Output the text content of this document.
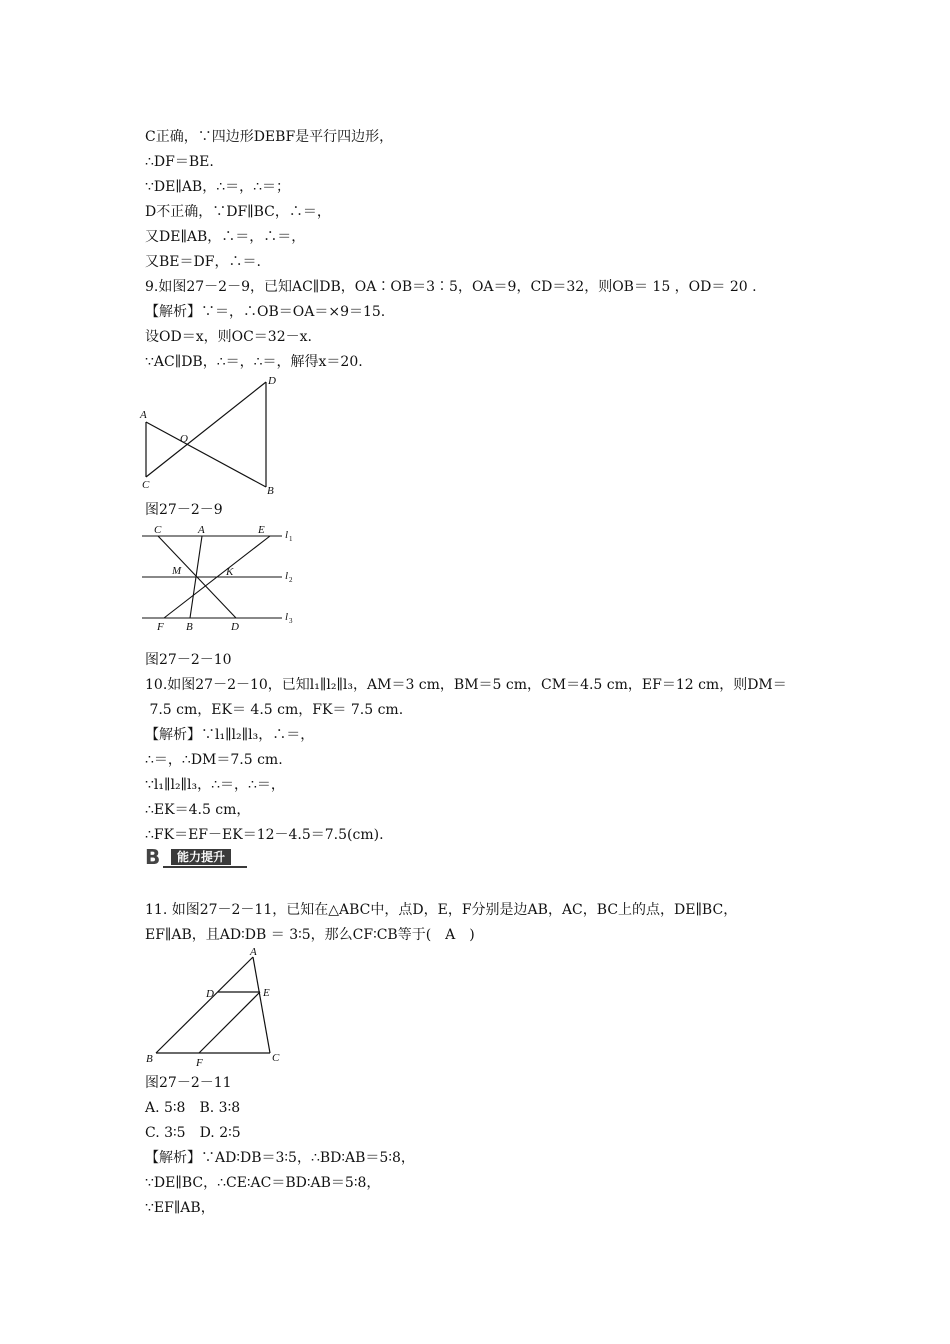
C正确，∵四边形DEBF是平行四边形，
∴DF＝BE.
∵DE∥AB，∴＝，∴＝；
D不正确，∵DF∥BC，∴＝，
又DE∥AB，∴＝，∴＝，
又BE＝DF，∴＝.
9.如图27－2－9，已知AC∥DB，OA∶OB＝3∶5，OA＝9，CD＝32，则OB＝ 15 ，OD＝ 20 .
【解析】∵＝，∴OB＝OA＝×9＝15.
设OD＝x，则OC＝32－x.
∵AC∥DB，∴＝，∴＝，解得x＝20.
A
O
D
C	B
图27－2－9
C	A	E
M	K
F B	D
l 1
l 2
l 3
图27－2－10
10.如图27－2－10，已知l₁∥l₂∥l₃，AM＝3 cm，BM＝5 cm，CM＝4.5 cm，EF＝12 cm，则DM＝
7.5 cm，EK＝ 4.5 cm，FK＝ 7.5 cm.
【解析】∵l₁∥l₂∥l₃，∴＝，
∴＝，∴DM＝7.5 cm.
∵l₁∥l₂∥l₃，∴＝，∴＝，
∴EK＝4.5 cm，
∴FK＝EF－EK＝12－4.5＝7.5(cm).
B	能力提升
11. 如图27－2－11，已知在△ABC中，点D，E，F分别是边AB，AC，BC上的点，DE∥BC，
EF∥AB，且AD∶DB ＝ 3∶5，那么CF∶CB等于(　A　)
A
D	E
B	F	C
图27－2－11
A. 5∶8　B. 3∶8
C. 3∶5　D. 2∶5
【解析】∵AD∶DB＝3∶5，∴BD∶AB＝5∶8，
∵DE∥BC，∴CE∶AC＝BD∶AB＝5∶8，
∵EF∥AB，
